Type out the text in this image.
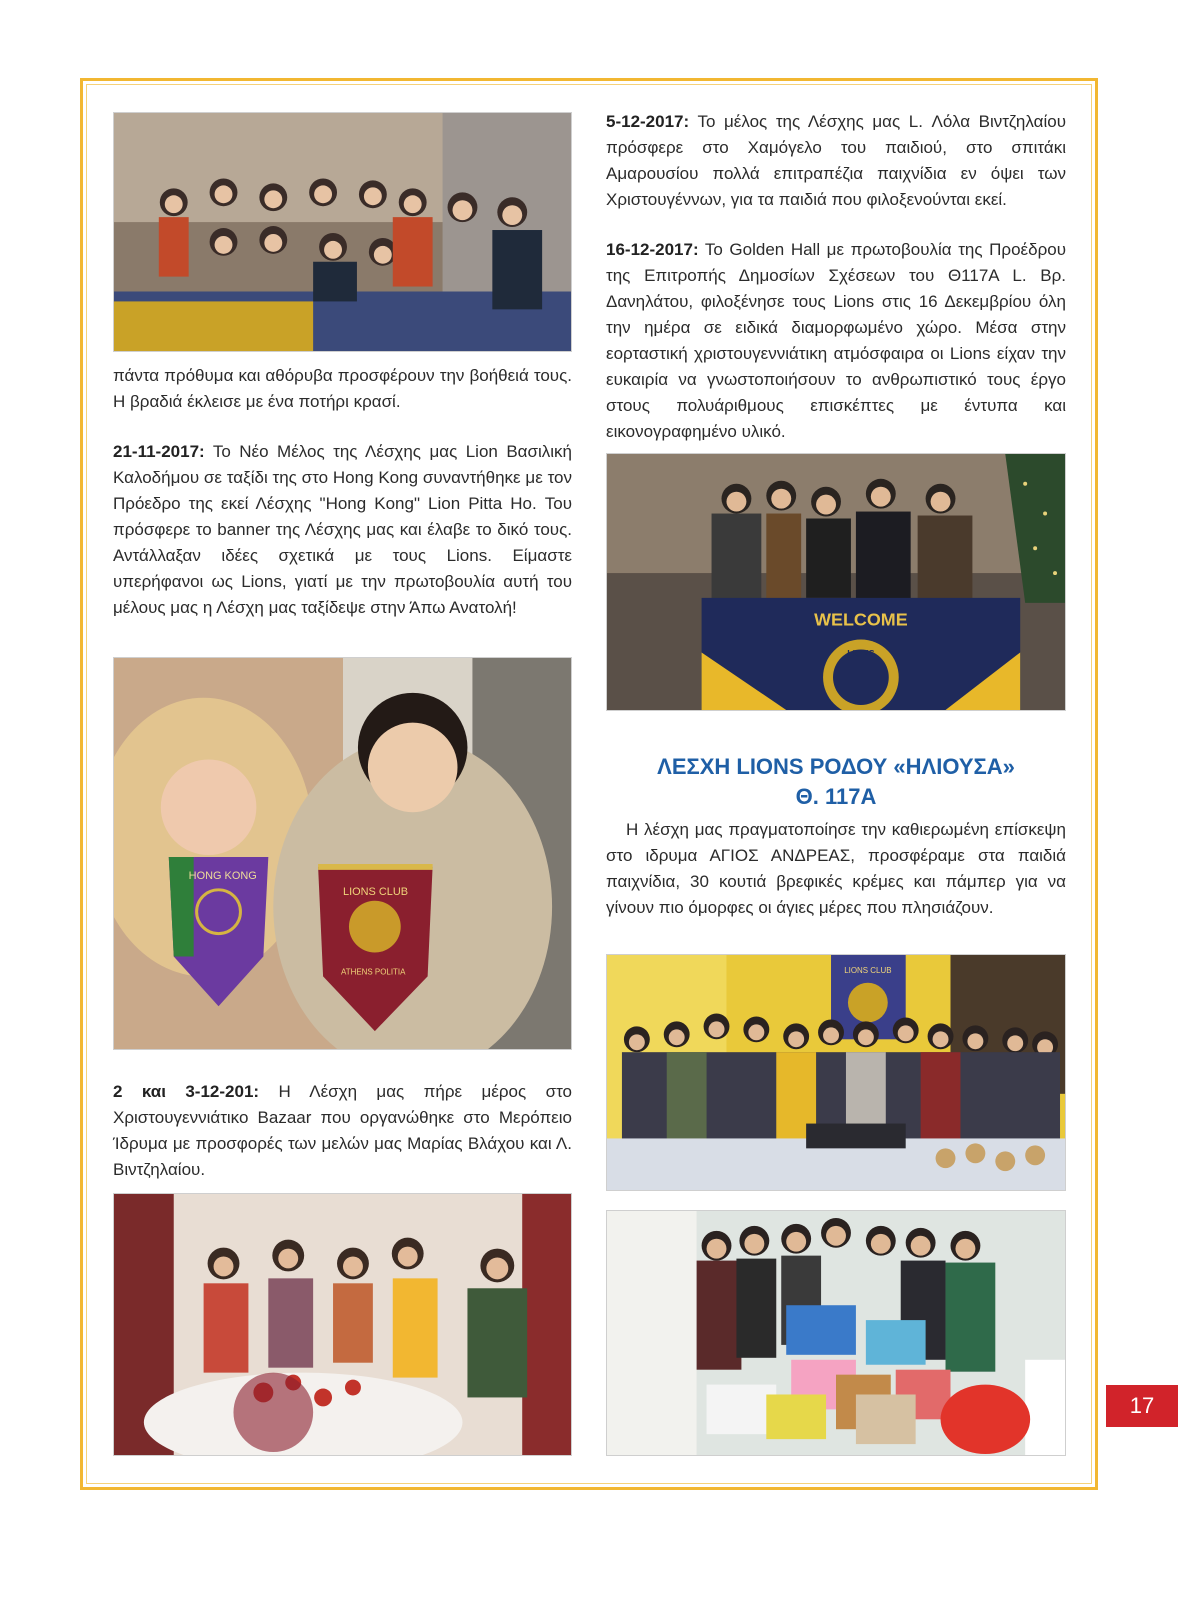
πάντα πρόθυμα και αθόρυβα προσφέρουν την βοήθειά τους. Η βραδιά έκλεισε με ένα ποτήρι κρασί.

21-11-2017: Το Νέο Μέλος της Λέσχης μας Lion Βασιλική Καλοδήμου σε ταξίδι της στο Hong Kong συναντήθηκε με τον Πρόεδρο της εκεί Λέσχης "Hong Kong" Lion Pitta Ho. Του πρόσφερε το banner της Λέσχης μας και έλαβε το δικό τους. Αντάλλαξαν ιδέες σχετικά με τους Lions. Είμαστε υπερήφανοι ως Lions, γιατί με την πρωτοβουλία αυτή του μέλους μας η Λέσχη μας ταξίδεψε στην Άπω Ανατολή!

HONG KONG
LIONS CLUB
ATHENS POLITIA

2 και 3-12-201: Η Λέσχη μας πήρε μέρος στο Χριστουγεννιάτικο Bazaar που οργανώθηκε στο Μερόπειο Ίδρυμα με προσφορές των μελών μας Μαρίας Βλάχου και Λ. Βιντζηλαίου.

5-12-2017: Το μέλος της Λέσχης μας L. Λόλα Βιντζηλαίου πρόσφερε στο Χαμόγελο του παιδιού, στο σπιτάκι Αμαρουσίου πολλά επιτραπέζια παιχνίδια εν όψει των Χριστουγέννων, για τα παιδιά που φιλοξενούνται εκεί.

16-12-2017: Το Golden Hall με πρωτοβουλία της Προέδρου της Επιτροπής Δημοσίων Σχέσεων του Θ117Α L. Βρ. Δανηλάτου, φιλοξένησε τους Lions στις 16 Δεκεμβρίου όλη την ημέρα σε ειδικά διαμορφωμένο χώρο. Μέσα στην εορταστική χριστουγεννιάτικη ατμόσφαιρα οι Lions είχαν την ευκαιρία να γνωστοποιήσουν το ανθρωπιστικό τους έργο στους πολυάριθμους επισκέπτες με έντυπα και εικονογραφημένο υλικό.

WELCOME
LIONS
ΛΕΣΧΗ LIONS ΡΟΔΟΥ «ΗΛΙΟΥΣΑ»
Θ. 117Α

Η λέσχη μας πραγματοποίησε την καθιερωμένη επίσκεψη στο ιδρυμα ΑΓΙΟΣ ΑΝΔΡΕΑΣ, προσφέραμε στα παιδιά παιχνίδια, 30 κουτιά βρεφικές κρέμες και πάμπερ για να γίνουν πιο όμορφες οι άγιες μέρες που πλησιάζουν.

LIONS CLUB
17
